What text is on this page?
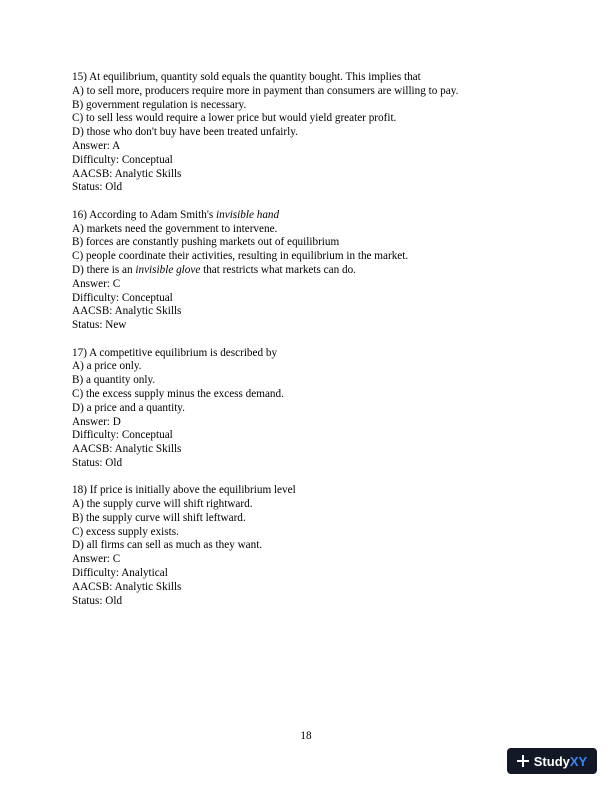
15) At equilibrium, quantity sold equals the quantity bought. This implies that
A) to sell more, producers require more in payment than consumers are willing to pay.
B) government regulation is necessary.
C) to sell less would require a lower price but would yield greater profit.
D) those who don't buy have been treated unfairly.
Answer: A
Difficulty: Conceptual
AACSB: Analytic Skills
Status: Old
16) According to Adam Smith's invisible hand
A) markets need the government to intervene.
B) forces are constantly pushing markets out of equilibrium
C) people coordinate their activities, resulting in equilibrium in the market.
D) there is an invisible glove that restricts what markets can do.
Answer: C
Difficulty: Conceptual
AACSB: Analytic Skills
Status: New
17) A competitive equilibrium is described by
A) a price only.
B) a quantity only.
C) the excess supply minus the excess demand.
D) a price and a quantity.
Answer: D
Difficulty: Conceptual
AACSB: Analytic Skills
Status: Old
18) If price is initially above the equilibrium level
A) the supply curve will shift rightward.
B) the supply curve will shift leftward.
C) excess supply exists.
D) all firms can sell as much as they want.
Answer: C
Difficulty: Analytical
AACSB: Analytic Skills
Status: Old
18
StudyXY
